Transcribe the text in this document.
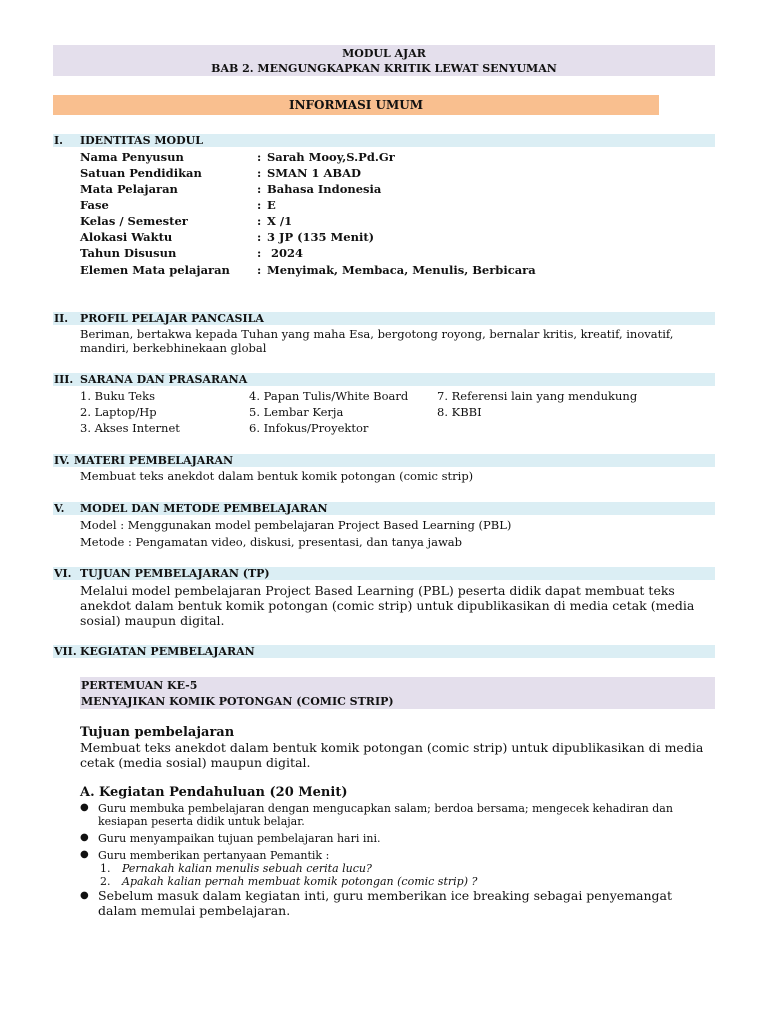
MODUL AJAR
BAB 2. MENGUNGKAPKAN KRITIK LEWAT SENYUMAN
INFORMASI UMUM
I. IDENTITAS MODUL
Nama Penyusun	: Sarah Mooy,S.Pd.Gr
Satuan Pendidikan	: SMAN 1 ABAD
Mata Pelajaran	: Bahasa Indonesia
Fase	: E
Kelas / Semester	: X /1
Alokasi Waktu	: 3 JP (135 Menit)
Tahun Disusun	: 2024
Elemen Mata pelajaran : Menyimak, Membaca, Menulis, Berbicara
II. PROFIL PELAJAR PANCASILA
Beriman, bertakwa kepada Tuhan yang maha Esa, bergotong royong, bernalar kritis, kreatif, inovatif,
mandiri, berkebhinekaan global
III. SARANA DAN PRASARANA
1. Buku Teks	4. Papan Tulis/White Board 7. Referensi lain yang mendukung
2. Laptop/Hp	5. Lembar Kerja	8. KBBI
3. Akses Internet	6. Infokus/Proyektor
IV. MATERI PEMBELAJARAN
Membuat teks anekdot dalam bentuk komik potongan (comic strip)
V. MODEL DAN METODE PEMBELAJARAN
Model : Menggunakan model pembelajaran Project Based Learning (PBL)
Metode : Pengamatan video, diskusi, presentasi, dan tanya jawab
VI. TUJUAN PEMBELAJARAN (TP)
Melalui model pembelajaran Project Based Learning (PBL) peserta didik dapat membuat teks
anekdot dalam bentuk komik potongan (comic strip) untuk dipublikasikan di media cetak (media
sosial) maupun digital.
VII. KEGIATAN PEMBELAJARAN
PERTEMUAN KE-5
MENYAJIKAN KOMIK POTONGAN (COMIC STRIP)
Tujuan pembelajaran
Membuat teks anekdot dalam bentuk komik potongan (comic strip) untuk dipublikasikan di media
cetak (media sosial) maupun digital.
A. Kegiatan Pendahuluan (20 Menit)
● Guru membuka pembelajaran dengan mengucapkan salam; berdoa bersama; mengecek kehadiran dan
kesiapan peserta didik untuk belajar.
● Guru menyampaikan tujuan pembelajaran hari ini.
● Guru memberikan pertanyaan Pemantik :
1. Pernakah kalian menulis sebuah cerita lucu?
2. Apakah kalian pernah membuat komik potongan (comic strip) ?
● Sebelum masuk dalam kegiatan inti, guru memberikan ice breaking sebagai penyemangat
dalam memulai pembelajaran.
